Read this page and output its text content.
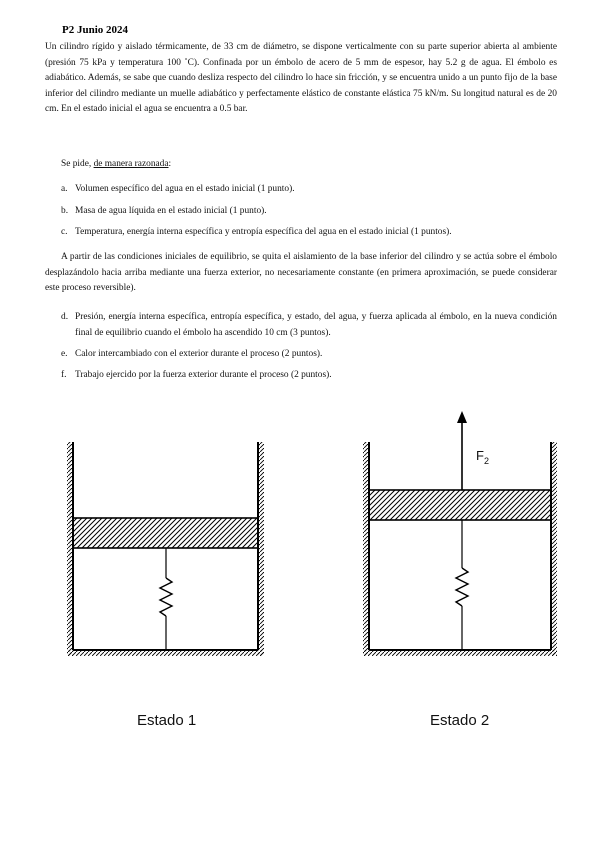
P2 Junio 2024

Un cilindro rígido y aislado térmicamente, de 33 cm de diámetro, se dispone verticalmente con su parte superior abierta al ambiente (presión 75 kPa y temperatura 100 ˚C). Confinada por un émbolo de acero de 5 mm de espesor, hay 5.2 g de agua. El émbolo es adiabático. Además, se sabe que cuando desliza respecto del cilindro lo hace sin fricción, y se encuentra unido a un punto fijo de la base inferior del cilindro mediante un muelle adiabático y perfectamente elástico de constante elástica 75 kN/m. Su longitud natural es de 20 cm. En el estado inicial el agua se encuentra a 0.5 bar.

Se pide, de manera razonada:

a. Volumen específico del agua en el estado inicial (1 punto).

b. Masa de agua líquida en el estado inicial (1 punto).

c. Temperatura, energía interna específica y entropía específica del agua en el estado inicial (1 puntos).

A partir de las condiciones iniciales de equilibrio, se quita el aislamiento de la base inferior del cilindro y se actúa sobre el émbolo desplazándolo hacia arriba mediante una fuerza exterior, no necesariamente constante (en primera aproximación, se puede considerar este proceso reversible).

d. Presión, energía interna específica, entropía específica, y estado, del agua, y fuerza aplicada al émbolo, en la nueva condición final de equilibrio cuando el émbolo ha ascendido 10 cm (3 puntos).

e. Calor intercambiado con el exterior durante el proceso (2 puntos).

f. Trabajo ejercido por la fuerza exterior durante el proceso (2 puntos).

$F_2$
Estado 1	Estado 2
